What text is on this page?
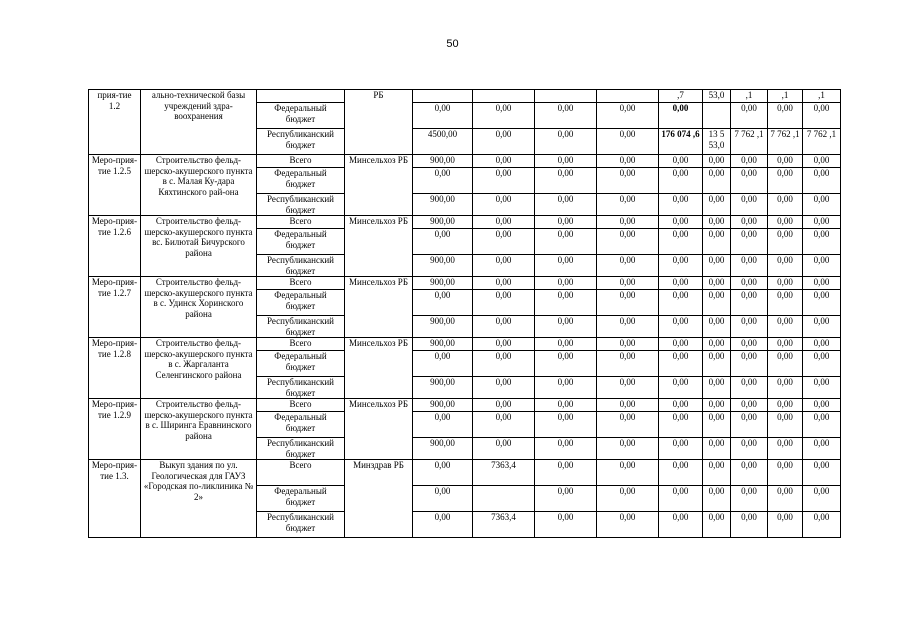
50
прия-тие 1.2	ально-технической базы учреждений здра-воохранения		РБ					,7	53,0	,1	,1	,1
		Федеральный бюджет		0,00	0,00	0,00	0,00	0,00		0,00	0,00	0,00
		Республиканский бюджет		4500,00	0,00	0,00	0,00	176 074 ,6	13 5 53,0	7 762 ,1	7 762 ,1	7 762 ,1
Меро-прия-тие 1.2.5	Строительство фельд-шерско-акушерского пункта в с. Малая Ку-дара Кяхтинского рай-она	Всего	Минсельхоз РБ	900,00	0,00	0,00	0,00	0,00	0,00	0,00	0,00	0,00
		Федеральный бюджет		0,00	0,00	0,00	0,00	0,00	0,00	0,00	0,00	0,00
		Республиканский бюджет		900,00	0,00	0,00	0,00	0,00	0,00	0,00	0,00	0,00
Меро-прия-тие 1.2.6	Строительство фельд-шерско-акушерского пункта вс. Билютай Бичурского района	Всего	Минсельхоз РБ	900,00	0,00	0,00	0,00	0,00	0,00	0,00	0,00	0,00
		Федеральный бюджет		0,00	0,00	0,00	0,00	0,00	0,00	0,00	0,00	0,00
		Республиканский бюджет		900,00	0,00	0,00	0,00	0,00	0,00	0,00	0,00	0,00
Меро-прия-тие 1.2.7	Строительство фельд-шерско-акушерского пункта в с. Удинск Хоринского района	Всего	Минсельхоз РБ	900,00	0,00	0,00	0,00	0,00	0,00	0,00	0,00	0,00
		Федеральный бюджет		0,00	0,00	0,00	0,00	0,00	0,00	0,00	0,00	0,00
		Республиканский бюджет		900,00	0,00	0,00	0,00	0,00	0,00	0,00	0,00	0,00
Меро-прия-тие 1.2.8	Строительство фельд-шерско-акушерского пункта в с. Жаргаланта Селенгинского района	Всего	Минсельхоз РБ	900,00	0,00	0,00	0,00	0,00	0,00	0,00	0,00	0,00
		Федеральный бюджет		0,00	0,00	0,00	0,00	0,00	0,00	0,00	0,00	0,00
		Республиканский бюджет		900,00	0,00	0,00	0,00	0,00	0,00	0,00	0,00	0,00
Меро-прия-тие 1.2.9	Строительство фельд-шерско-акушерского пункта в с. Ширинга Еравнинского района	Всего	Минсельхоз РБ	900,00	0,00	0,00	0,00	0,00	0,00	0,00	0,00	0,00
		Федеральный бюджет		0,00	0,00	0,00	0,00	0,00	0,00	0,00	0,00	0,00
		Республиканский бюджет		900,00	0,00	0,00	0,00	0,00	0,00	0,00	0,00	0,00
Меро-прия-тие 1.3.	Выкуп здания по ул. Геологическая для ГАУЗ «Городская по-ликлиника № 2»	Всего	Минздрав РБ	0,00	7363,4	0,00	0,00	0,00	0,00	0,00	0,00	0,00
		Федеральный бюджет		0,00		0,00	0,00	0,00	0,00	0,00	0,00	0,00
		Республиканский бюджет		0,00	7363,4	0,00	0,00	0,00	0,00	0,00	0,00	0,00
